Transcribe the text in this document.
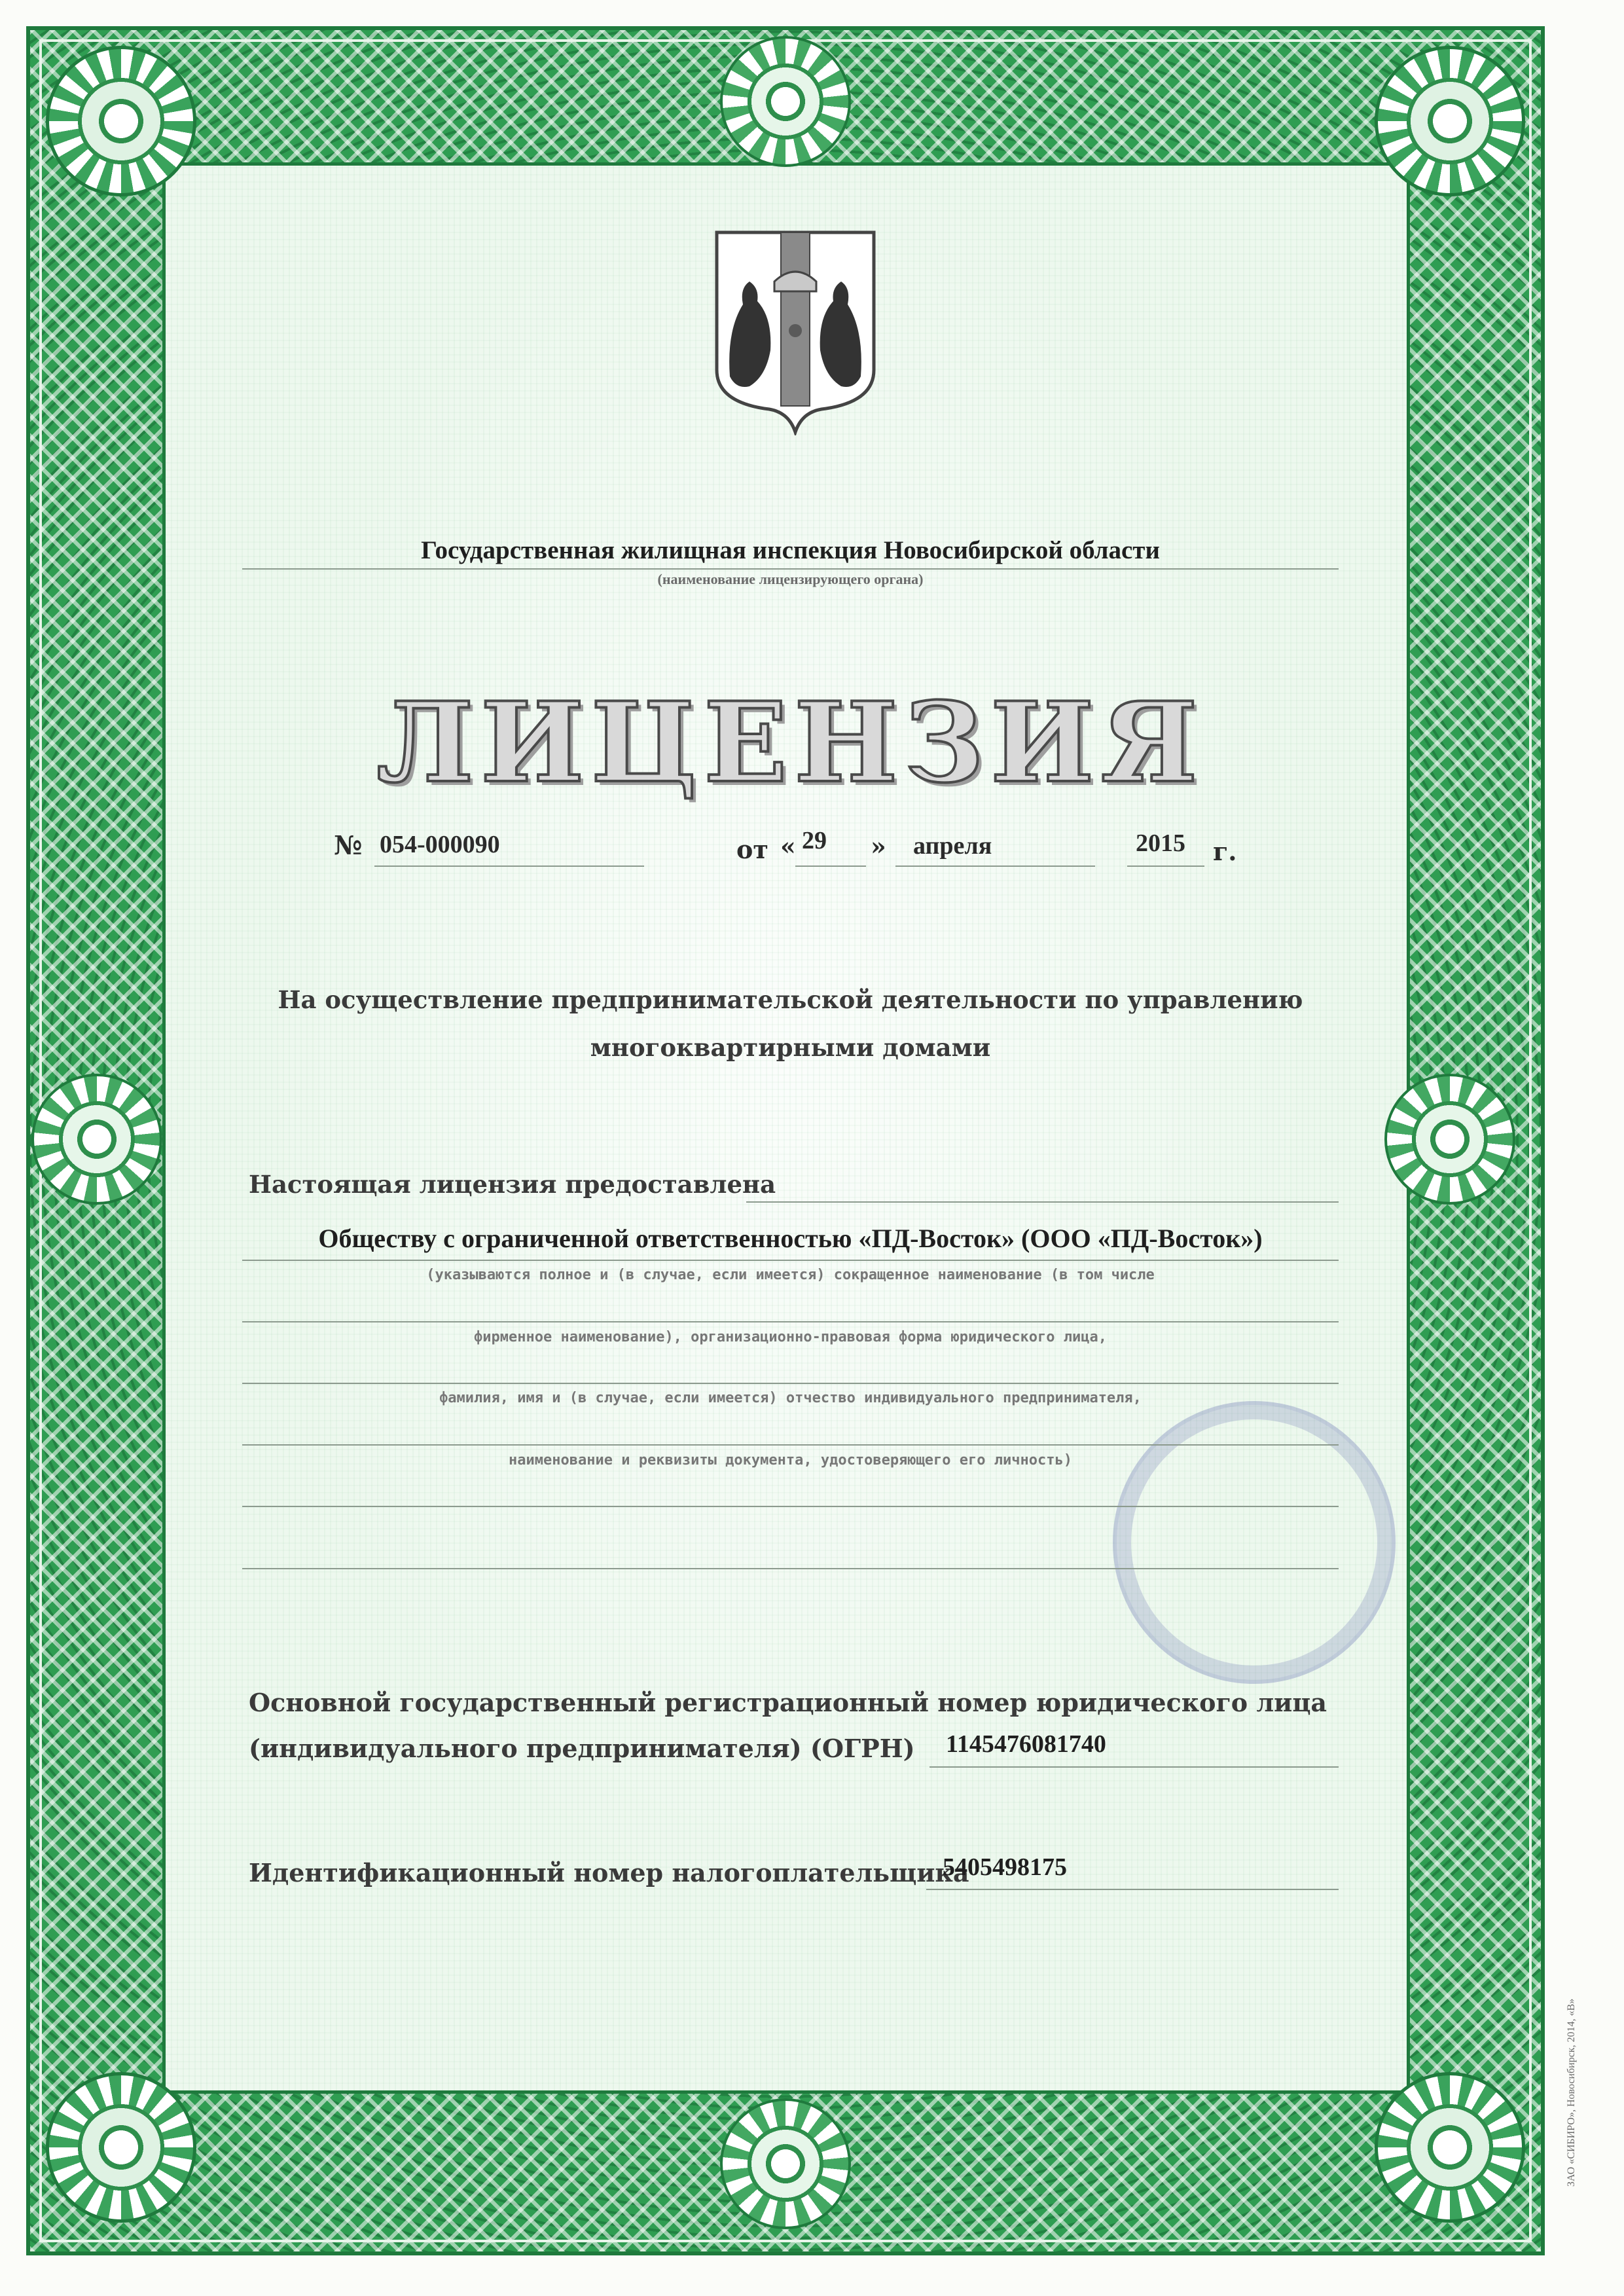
Государственная жилищная инспекция Новосибирской области
(наименование лицензирующего органа)
ЛИЦЕНЗИЯ
№ 054-000090	от « 29 » апреля	2015 г.
На осуществление предпринимательской деятельности по управлению
многоквартирными домами
Настоящая лицензия предоставлена
Обществу с ограниченной ответственностью «ПД-Восток» (ООО «ПД-Восток»)
(указываются полное и (в случае, если имеется) сокращенное наименование (в том числе
фирменное наименование), организационно-правовая форма юридического лица,
фамилия, имя и (в случае, если имеется) отчество индивидуального предпринимателя,
наименование и реквизиты документа, удостоверяющего его личность)
Основной государственный регистрационный номер юридического лица
(индивидуального предпринимателя) (ОГРН) 1145476081740
Идентификационный номер налогоплательщика
5405498175
ЗАО «СИБИРО», Новосибирск, 2014, «В»
